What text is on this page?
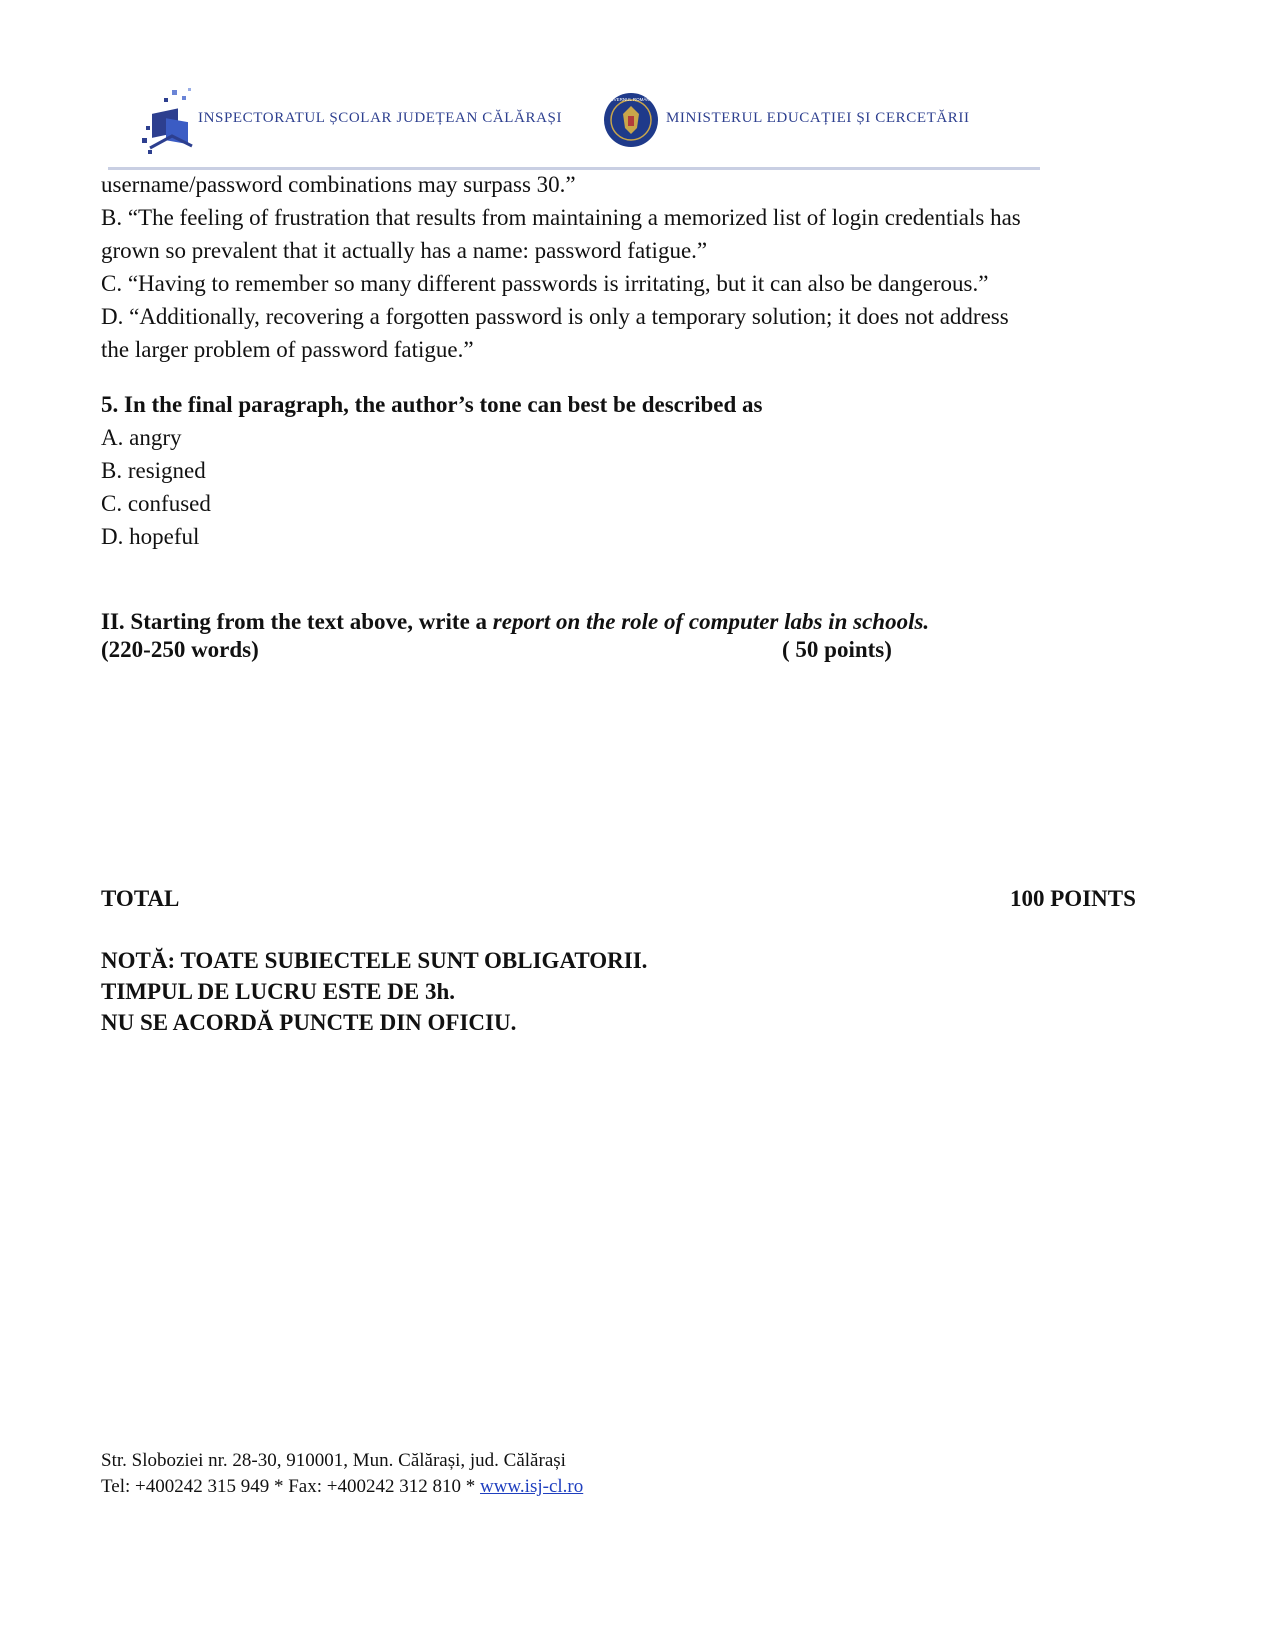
INSPECTORATUL ȘCOLAR JUDEȚEAN CĂLĂRAȘI
GUVERNUL ROMÂNIEI
MINISTERUL EDUCAȚIEI ȘI CERCETĂRII
username/password combinations may surpass 30.”
B. “The feeling of frustration that results from maintaining a memorized list of login credentials has
grown so prevalent that it actually has a name: password fatigue.”
C. “Having to remember so many different passwords is irritating, but it can also be dangerous.”
D. “Additionally, recovering a forgotten password is only a temporary solution; it does not address
the larger problem of password fatigue.”
5. In the final paragraph, the author’s tone can best be described as
A. angry
B. resigned
C. confused
D. hopeful
II. Starting from the text above, write a report on the role of computer labs in schools.
(220-250 words)	( 50 points)
TOTAL	100 POINTS
NOTĂ: TOATE SUBIECTELE SUNT OBLIGATORII.
TIMPUL DE LUCRU ESTE DE 3h.
NU SE ACORDĂ PUNCTE DIN OFICIU.
Str. Sloboziei nr. 28-30, 910001, Mun. Călărași, jud. Călărași
Tel: +400242 315 949 * Fax: +400242 312 810 * www.isj-cl.ro
